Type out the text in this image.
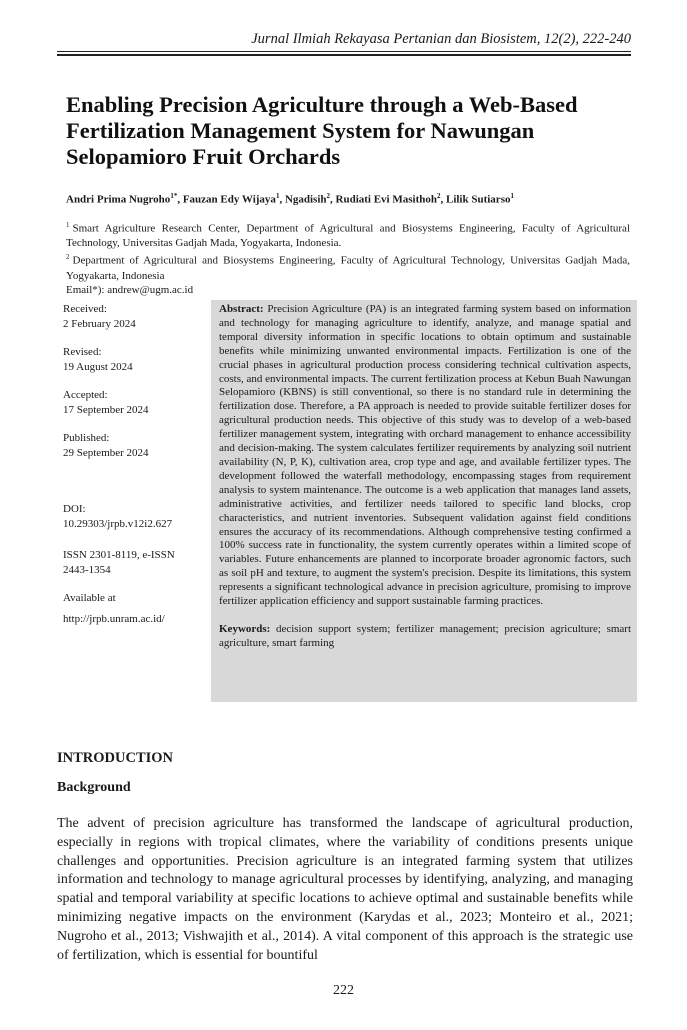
Jurnal Ilmiah Rekayasa Pertanian dan Biosistem, 12(2), 222-240
Enabling Precision Agriculture through a Web-Based Fertilization Management System for Nawungan Selopamioro Fruit Orchards
Andri Prima Nugroho$^{1*}$, Fauzan Edy Wijaya$^1$, Ngadisih$^2$, Rudiati Evi Masithoh$^2$, Lilik Sutiarso$^1$

$^1$ Smart Agriculture Research Center, Department of Agricultural and Biosystems Engineering, Faculty of Agricultural Technology, Universitas Gadjah Mada, Yogyakarta, Indonesia.

$^2$ Department of Agricultural and Biosystems Engineering, Faculty of Agricultural Technology, Universitas Gadjah Mada, Yogyakarta, Indonesia

Email*): andrew@ugm.ac.id

Received:
2 February 2024
Revised:
19 August 2024
Accepted:
17 September 2024
Published:
29 September 2024
DOI:
10.29303/jrpb.v12i2.627
ISSN 2301-8119, e-ISSN 2443-1354
Available at
http://jrpb.unram.ac.id/

Abstract: Precision Agriculture (PA) is an integrated farming system based on information and technology for managing agriculture to identify, analyze, and manage spatial and temporal diversity information in specific locations to obtain optimum and sustainable benefits while minimizing unwanted environmental impacts. Fertilization is one of the crucial phases in agricultural production process considering technical cultivation aspects, costs, and environmental impacts. The current fertilization process at Kebun Buah Nawungan Selopamioro (KBNS) is still conventional, so there is no standard rule in determining the fertilization dose. Therefore, a PA approach is needed to provide suitable fertilizer doses for agricultural production needs. This objective of this study was to develop of a web-based fertilizer management system, integrating with orchard management to enhance accessibility and decision-making. The system calculates fertilizer requirements by analyzing soil nutrient availability (N, P, K), cultivation area, crop type and age, and available fertilizer types. The development followed the waterfall methodology, encompassing stages from requirement analysis to system maintenance. The outcome is a web application that manages land assets, administrative activities, and fertilizer needs tailored to specific land blocks, crop characteristics, and nutrient inventories. Subsequent validation against field conditions ensures the accuracy of its recommendations. Although comprehensive testing confirmed a 100% success rate in functionality, the system currently operates within a limited scope of variables. Future enhancements are planned to incorporate broader agronomic factors, such as soil pH and texture, to augment the system's precision. Despite its limitations, this system represents a significant technological advance in precision agriculture, promising to improve fertilizer application efficiency and support sustainable farming practices.

Keywords: decision support system; fertilizer management; precision agriculture; smart agriculture, smart farming

INTRODUCTION
Background

The advent of precision agriculture has transformed the landscape of agricultural production, especially in regions with tropical climates, where the variability of conditions presents unique challenges and opportunities. Precision agriculture is an integrated farming system that utilizes information and technology to manage agricultural processes by identifying, analyzing, and managing spatial and temporal variability at specific locations to achieve optimal and sustainable benefits while minimizing negative impacts on the environment (Karydas et al., 2023; Monteiro et al., 2021; Nugroho et al., 2013; Vishwajith et al., 2014). A vital component of this approach is the strategic use of fertilization, which is essential for bountiful

222
